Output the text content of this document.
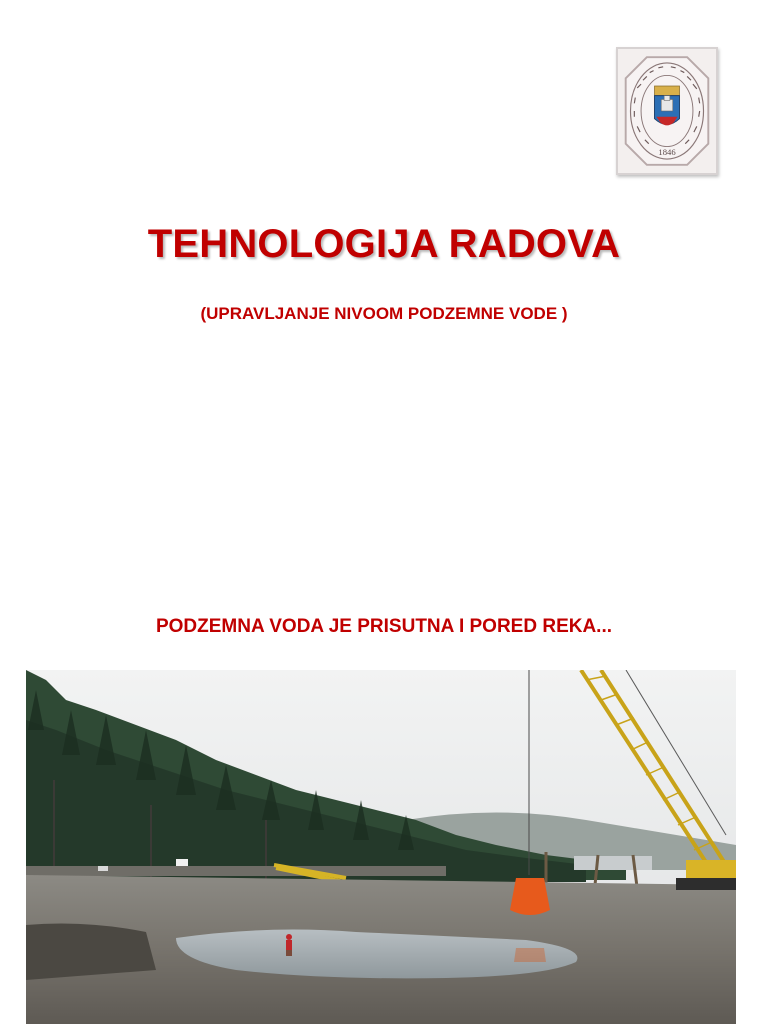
1846
TEHNOLOGIJA RADOVA
(UPRAVLJANJE NIVOOM PODZEMNE VODE )
PODZEMNA VODA JE PRISUTNA I PORED REKA...
